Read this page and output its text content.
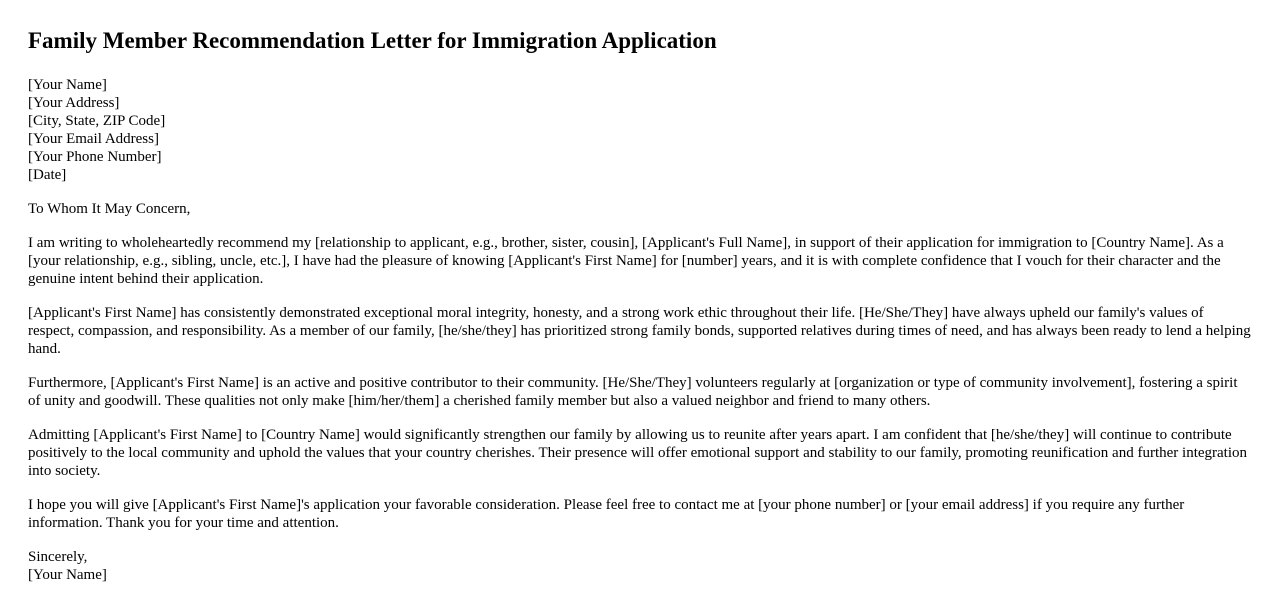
Family Member Recommendation Letter for Immigration Application
[Your Name]
[Your Address]
[City, State, ZIP Code]
[Your Email Address]
[Your Phone Number]
[Date]
To Whom It May Concern,

I am writing to wholeheartedly recommend my [relationship to applicant, e.g., brother, sister, cousin], [Applicant's Full Name], in support of their application for immigration to [Country Name]. As a [your relationship, e.g., sibling, uncle, etc.], I have had the pleasure of knowing [Applicant's First Name] for [number] years, and it is with complete confidence that I vouch for their character and the genuine intent behind their application.

[Applicant's First Name] has consistently demonstrated exceptional moral integrity, honesty, and a strong work ethic throughout their life. [He/She/They] have always upheld our family's values of respect, compassion, and responsibility. As a member of our family, [he/she/they] has prioritized strong family bonds, supported relatives during times of need, and has always been ready to lend a helping hand.

Furthermore, [Applicant's First Name] is an active and positive contributor to their community. [He/She/They] volunteers regularly at [organization or type of community involvement], fostering a spirit of unity and goodwill. These qualities not only make [him/her/them] a cherished family member but also a valued neighbor and friend to many others.

Admitting [Applicant's First Name] to [Country Name] would significantly strengthen our family by allowing us to reunite after years apart. I am confident that [he/she/they] will continue to contribute positively to the local community and uphold the values that your country cherishes. Their presence will offer emotional support and stability to our family, promoting reunification and further integration into society.

I hope you will give [Applicant's First Name]'s application your favorable consideration. Please feel free to contact me at [your phone number] or [your email address] if you require any further information. Thank you for your time and attention.

Sincerely,
[Your Name]
